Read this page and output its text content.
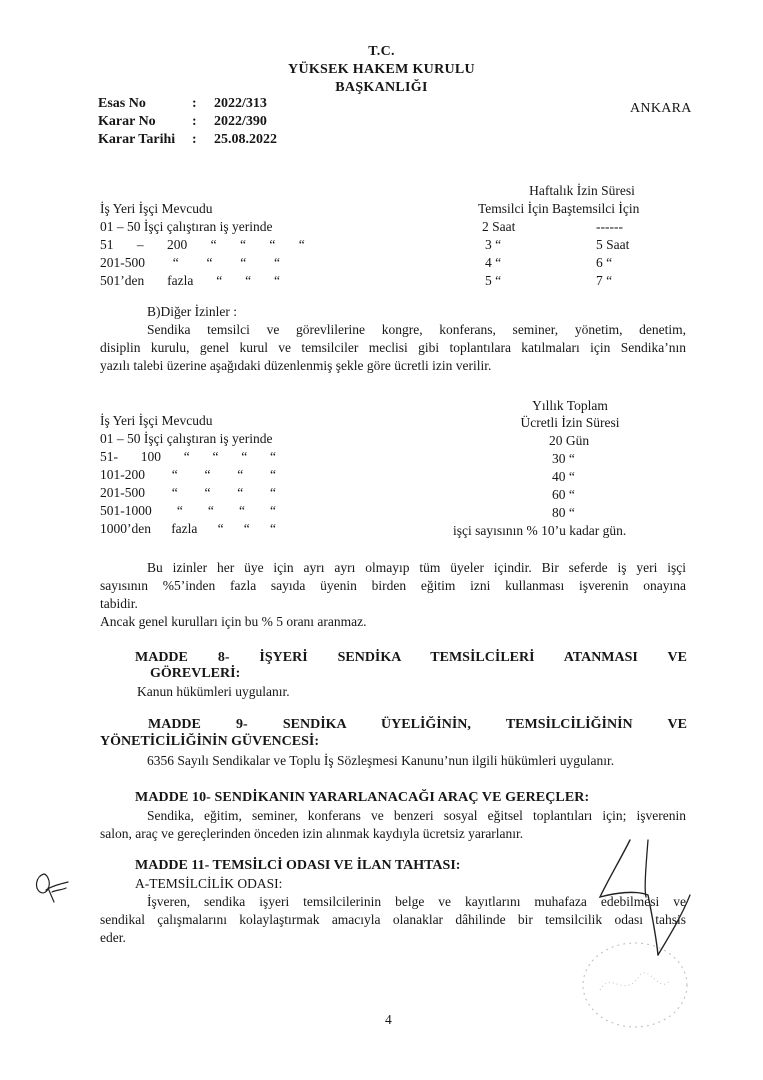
T.C.
YÜKSEK HAKEM KURULU
BAŞKANLIĞI
ANKARA
Esas No	: 2022/313
Karar No	: 2022/390
Karar Tarihi : 25.08.2022
Haftalık İzin Süresi
İş Yeri İşçi Mevcudu	Temsilci İçin Baştemsilci İçin
01 – 50 İşçi çalıştıran iş yerinde	2 Saat	------
51 – 200 “ “ “ “	3 “	5 Saat
201-500 “ “ “ “	4 “	6 “
501’den fazla “ “ “	5 “	7 “
B)Diğer İzinler :
Sendika temsilci ve görevlilerine kongre, konferans, seminer, yönetim, denetim,
disiplin kurulu, genel kurul ve temsilciler meclisi gibi toplantılara katılmaları için Sendika’nın
yazılı talebi üzerine aşağıdaki düzenlenmiş şekle göre ücretli izin verilir.
Yıllık Toplam
İş Yeri İşçi Mevcudu	Ücretli İzin Süresi
01 – 50 İşçi çalıştıran iş yerinde	20 Gün
51- 100 “ “ “ “	30 “
101-200 “ “ “ “	40 “
201-500 “ “ “ “	60 “
501-1000 “ “ “ “	80 “
1000’den fazla “ “ “	işçi sayısının % 10’u kadar gün.
Bu izinler her üye için ayrı ayrı olmayıp tüm üyeler içindir. Bir seferde iş yeri işçi
sayısının %5’inden fazla sayıda üyenin birden eğitim izni kullanması işverenin onayına
tabidir.
Ancak genel kurulları için bu % 5 oranı aranmaz.
MADDE 8- İŞYERİ SENDİKA TEMSİLCİLERİ ATANMASI VE
GÖREVLERİ:
Kanun hükümleri uygulanır.
MADDE 9- SENDİKA ÜYELİĞİNİN, TEMSİLCİLİĞİNİN VE
YÖNETİCİLİĞİNİN GÜVENCESİ:
6356 Sayılı Sendikalar ve Toplu İş Sözleşmesi Kanunu’nun ilgili hükümleri uygulanır.
MADDE 10- SENDİKANIN YARARLANACAĞI ARAÇ VE GEREÇLER:
Sendika, eğitim, seminer, konferans ve benzeri sosyal eğitsel toplantıları için; işverenin
salon, araç ve gereçlerinden önceden izin alınmak kaydıyla ücretsiz yararlanır.
MADDE 11- TEMSİLCİ ODASI VE İLAN TAHTASI:
A-TEMSİLCİLİK ODASI:
İşveren, sendika işyeri temsilcilerinin belge ve kayıtlarını muhafaza edebilmesi ve
sendikal çalışmalarını kolaylaştırmak amacıyla olanaklar dâhilinde bir temsilcilik odası tahsis
eder.
4
